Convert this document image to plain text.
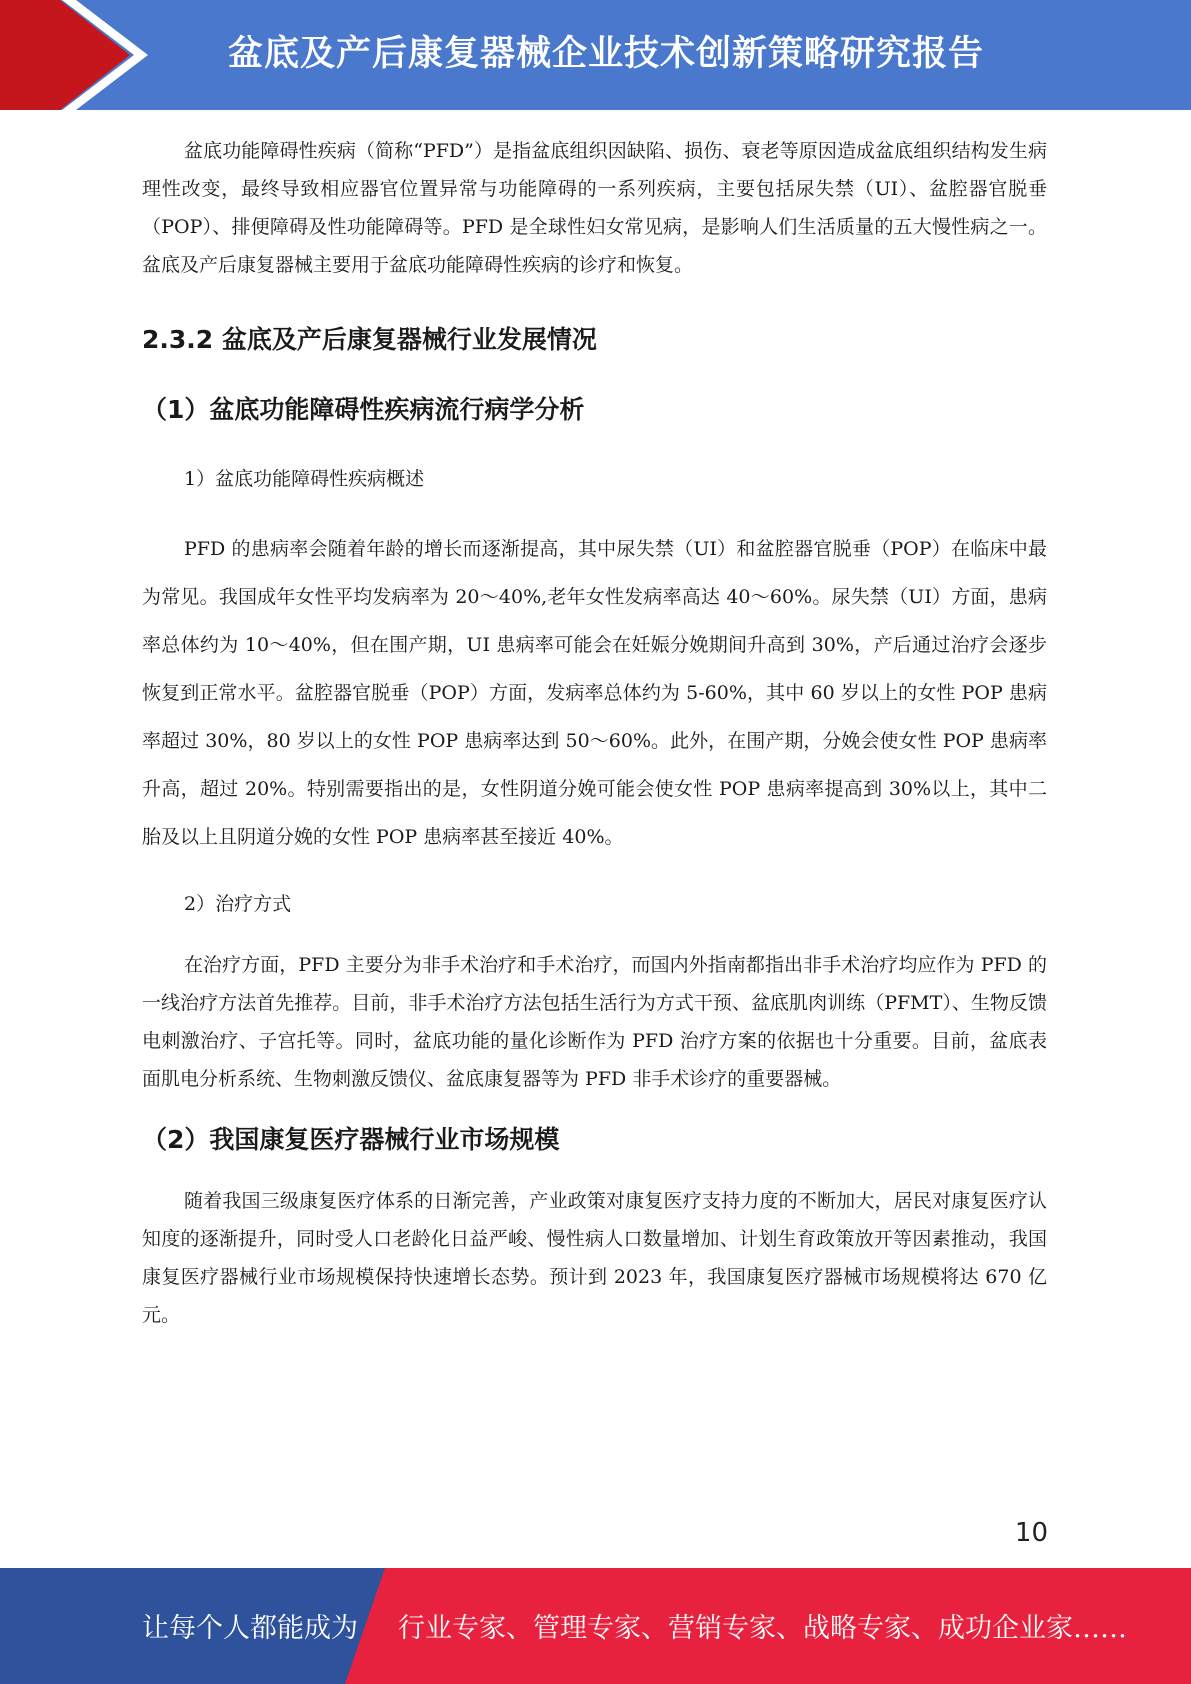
盆底及产后康复器械企业技术创新策略研究报告

盆底功能障碍性疾病（简称“PFD”）是指盆底组织因缺陷、损伤、衰老等原因造成盆底组织结构发生病理性改变，最终导致相应器官位置异常与功能障碍的一系列疾病，主要包括尿失禁（UI）、盆腔器官脱垂（POP）、排便障碍及性功能障碍等。PFD 是全球性妇女常见病，是影响人们生活质量的五大慢性病之一。盆底及产后康复器械主要用于盆底功能障碍性疾病的诊疗和恢复。

2.3.2 盆底及产后康复器械行业发展情况
（1）盆底功能障碍性疾病流行病学分析

1）盆底功能障碍性疾病概述

PFD 的患病率会随着年龄的增长而逐渐提高，其中尿失禁（UI）和盆腔器官脱垂（POP）在临床中最为常见。我国成年女性平均发病率为 20～40%,老年女性发病率高达 40～60%。尿失禁（UI）方面，患病率总体约为 10～40%，但在围产期，UI 患病率可能会在妊娠分娩期间升高到 30%，产后通过治疗会逐步恢复到正常水平。盆腔器官脱垂（POP）方面，发病率总体约为 5-60%，其中 60 岁以上的女性 POP 患病率超过 30%，80 岁以上的女性 POP 患病率达到 50～60%。此外，在围产期，分娩会使女性 POP 患病率升高，超过 20%。特别需要指出的是，女性阴道分娩可能会使女性 POP 患病率提高到 30%以上，其中二胎及以上且阴道分娩的女性 POP 患病率甚至接近 40%。

2）治疗方式

在治疗方面，PFD 主要分为非手术治疗和手术治疗，而国内外指南都指出非手术治疗均应作为 PFD 的一线治疗方法首先推荐。目前，非手术治疗方法包括生活行为方式干预、盆底肌肉训练（PFMT）、生物反馈电刺激治疗、子宫托等。同时，盆底功能的量化诊断作为 PFD 治疗方案的依据也十分重要。目前，盆底表面肌电分析系统、生物刺激反馈仪、盆底康复器等为 PFD 非手术诊疗的重要器械。

（2）我国康复医疗器械行业市场规模

随着我国三级康复医疗体系的日渐完善，产业政策对康复医疗支持力度的不断加大，居民对康复医疗认知度的逐渐提升，同时受人口老龄化日益严峻、慢性病人口数量增加、计划生育政策放开等因素推动，我国康复医疗器械行业市场规模保持快速增长态势。预计到 2023 年，我国康复医疗器械市场规模将达 670 亿元。

10
让每个人都能成为 行业专家、管理专家、营销专家、战略专家、成功企业家……
